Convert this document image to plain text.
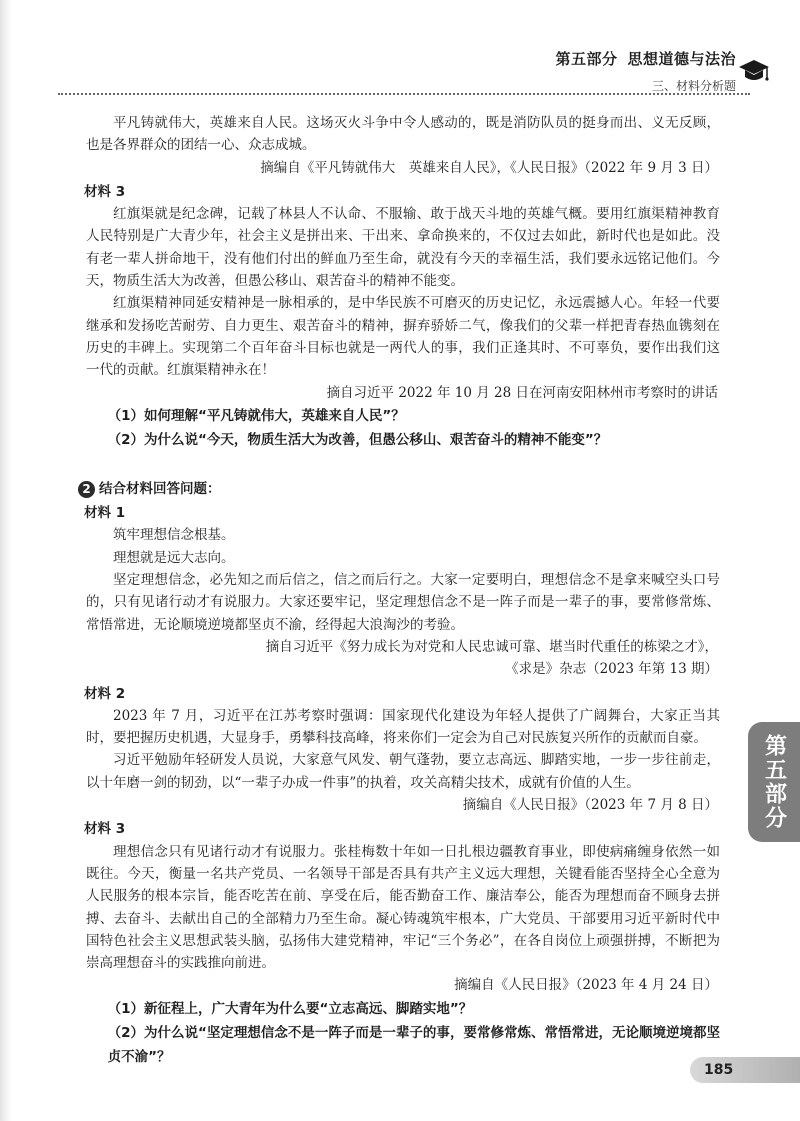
第五部分 思想道德与法治
三、材料分析题

平凡铸就伟大，英雄来自人民。这场灭火斗争中令人感动的，既是消防队员的挺身而出、义无反顾，也是各界群众的团结一心、众志成城。

摘编自《平凡铸就伟大　英雄来自人民》，《人民日报》（2022 年 9 月 3 日）

材料 3

红旗渠就是纪念碑，记载了林县人不认命、不服输、敢于战天斗地的英雄气概。要用红旗渠精神教育人民特别是广大青少年，社会主义是拼出来、干出来、拿命换来的，不仅过去如此，新时代也是如此。没有老一辈人拼命地干，没有他们付出的鲜血乃至生命，就没有今天的幸福生活，我们要永远铭记他们。今天，物质生活大为改善，但愚公移山、艰苦奋斗的精神不能变。

红旗渠精神同延安精神是一脉相承的，是中华民族不可磨灭的历史记忆，永远震撼人心。年轻一代要继承和发扬吃苦耐劳、自力更生、艰苦奋斗的精神，摒弃骄娇二气，像我们的父辈一样把青春热血镌刻在历史的丰碑上。实现第二个百年奋斗目标也就是一两代人的事，我们正逢其时、不可辜负，要作出我们这一代的贡献。红旗渠精神永在！

摘自习近平 2022 年 10 月 28 日在河南安阳林州市考察时的讲话

（1）如何理解“平凡铸就伟大，英雄来自人民”？

（2）为什么说“今天，物质生活大为改善，但愚公移山、艰苦奋斗的精神不能变”？

2 结合材料回答问题：

材料 1

筑牢理想信念根基。

理想就是远大志向。

坚定理想信念，必先知之而后信之，信之而后行之。大家一定要明白，理想信念不是拿来喊空头口号的，只有见诸行动才有说服力。大家还要牢记，坚定理想信念不是一阵子而是一辈子的事，要常修常炼、常悟常进，无论顺境逆境都坚贞不渝，经得起大浪淘沙的考验。

摘自习近平《努力成长为对党和人民忠诚可靠、堪当时代重任的栋梁之才》，

《求是》杂志（2023 年第 13 期）

材料 2

2023 年 7 月，习近平在江苏考察时强调：国家现代化建设为年轻人提供了广阔舞台，大家正当其时，要把握历史机遇，大显身手，勇攀科技高峰，将来你们一定会为自己对民族复兴所作的贡献而自豪。

习近平勉励年轻研发人员说，大家意气风发、朝气蓬勃，要立志高远、脚踏实地，一步一步往前走，以十年磨一剑的韧劲，以“一辈子办成一件事”的执着，攻关高精尖技术，成就有价值的人生。

摘编自《人民日报》（2023 年 7 月 8 日）

材料 3

理想信念只有见诸行动才有说服力。张桂梅数十年如一日扎根边疆教育事业，即使病痛缠身依然一如既往。今天，衡量一名共产党员、一名领导干部是否具有共产主义远大理想，关键看能否坚持全心全意为人民服务的根本宗旨，能否吃苦在前、享受在后，能否勤奋工作、廉洁奉公，能否为理想而奋不顾身去拼搏、去奋斗、去献出自己的全部精力乃至生命。凝心铸魂筑牢根本，广大党员、干部要用习近平新时代中国特色社会主义思想武装头脑，弘扬伟大建党精神，牢记“三个务必”，在各自岗位上顽强拼搏，不断把为崇高理想奋斗的实践推向前进。

摘编自《人民日报》（2023 年 4 月 24 日）

（1）新征程上，广大青年为什么要“立志高远、脚踏实地”？

（2）为什么说“坚定理想信念不是一阵子而是一辈子的事，要常修常炼、常悟常进，无论顺境逆境都坚贞不渝”？

第五部分
185
